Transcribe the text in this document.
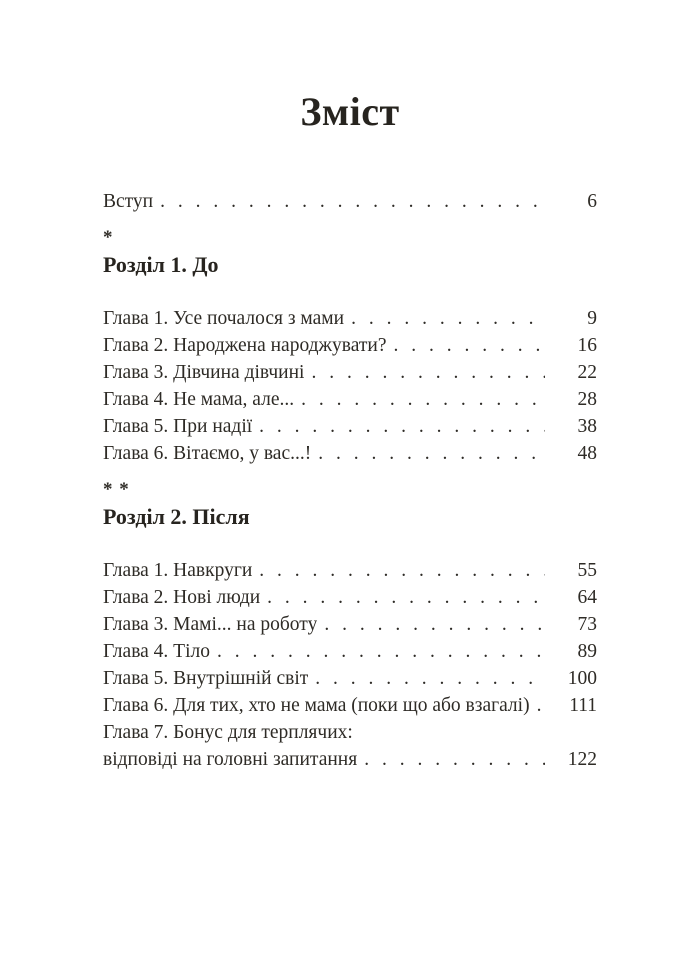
Зміст
Вступ . . .	6
*
Розділ 1. До
Глава 1. Усе почалося з мами . . .	9
Глава 2. Народжена народжувати? . . .	16
Глава 3. Дівчина дівчині . . .	22
Глава 4. Не мама, але... . . .	28
Глава 5. При надії . . .	38
Глава 6. Вітаємо, у вас...! . . .	48
* *
Розділ 2. Після
Глава 1. Навкруги . . .	55
Глава 2. Нові люди . . .	64
Глава 3. Мамі... на роботу . . .	73
Глава 4. Тіло . . .	89
Глава 5. Внутрішній світ . . .	100
Глава 6. Для тих, хто не мама (поки що або взагалі) . . .	111
Глава 7. Бонус для терплячих:
відповіді на головні запитання . . .	122
